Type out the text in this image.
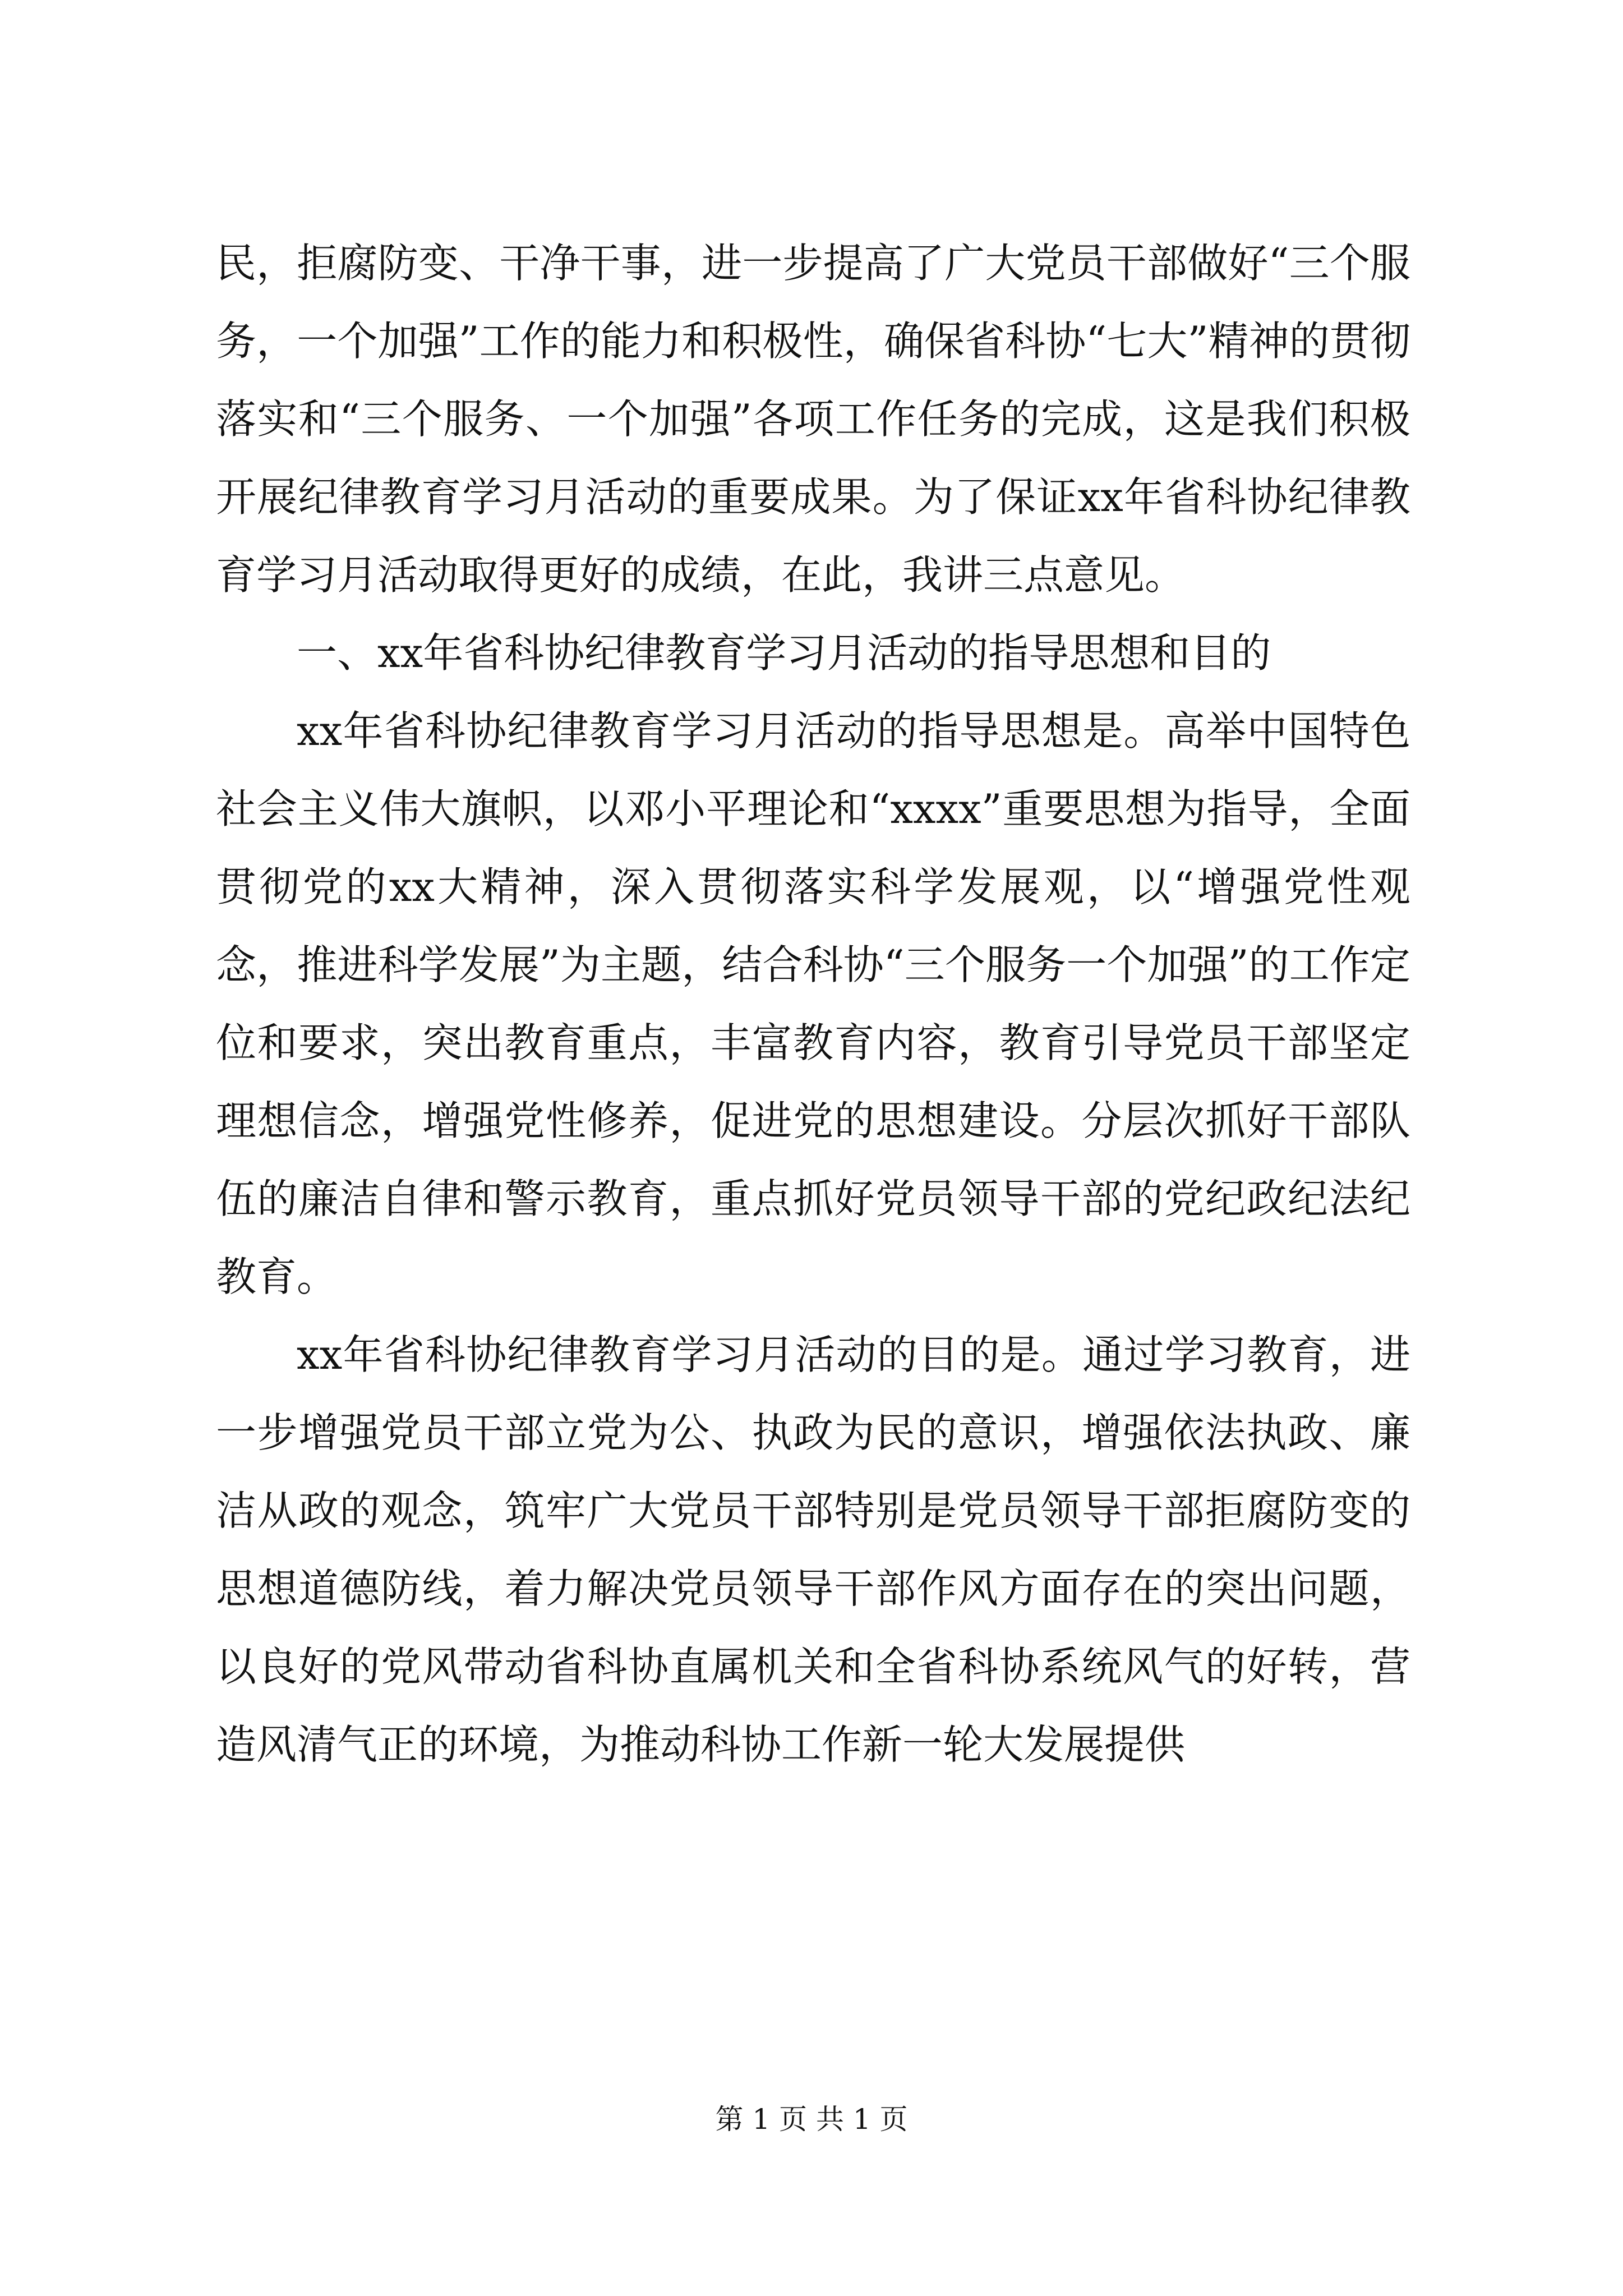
民，拒腐防变、干净干事，进一步提高了广大党员干部做好“三个服务，一个加强”工作的能力和积极性，确保省科协“七大”精神的贯彻落实和“三个服务、一个加强”各项工作任务的完成，这是我们积极开展纪律教育学习月活动的重要成果。为了保证xx年省科协纪律教育学习月活动取得更好的成绩，在此，我讲三点意见。

一、xx年省科协纪律教育学习月活动的指导思想和目的

xx年省科协纪律教育学习月活动的指导思想是。高举中国特色社会主义伟大旗帜，以邓小平理论和“xxxx”重要思想为指导，全面贯彻党的xx大精神，深入贯彻落实科学发展观，以“增强党性观念，推进科学发展”为主题，结合科协“三个服务一个加强”的工作定位和要求，突出教育重点，丰富教育内容，教育引导党员干部坚定理想信念，增强党性修养，促进党的思想建设。分层次抓好干部队伍的廉洁自律和警示教育，重点抓好党员领导干部的党纪政纪法纪教育。

xx年省科协纪律教育学习月活动的目的是。通过学习教育，进一步增强党员干部立党为公、执政为民的意识，增强依法执政、廉洁从政的观念，筑牢广大党员干部特别是党员领导干部拒腐防变的思想道德防线，着力解决党员领导干部作风方面存在的突出问题，以良好的党风带动省科协直属机关和全省科协系统风气的好转，营造风清气正的环境，为推动科协工作新一轮大发展提供

第 1 页 共 1 页
